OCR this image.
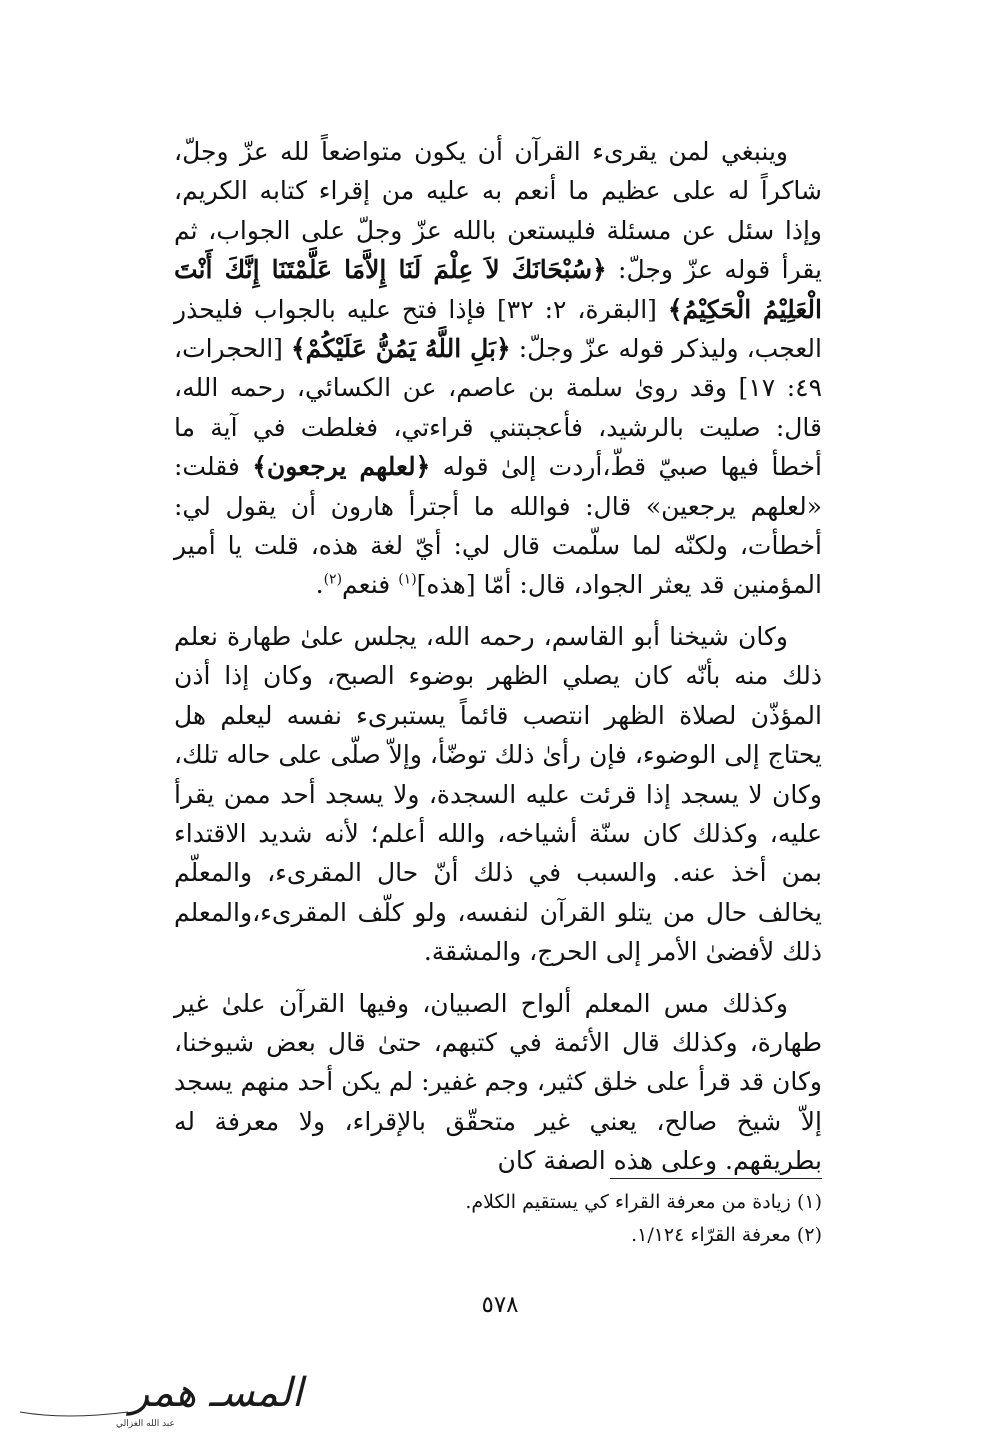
وينبغي لمن يقرىء القرآن أن يكون متواضعاً لله عزّ وجلّ، شاكراً له على عظيم ما أنعم به عليه من إقراء كتابه الكريم، وإذا سئل عن مسئلة فليستعن بالله عزّ وجلّ على الجواب، ثم يقرأ قوله عزّ وجلّ: ﴿سُبْحَانَكَ لاَ عِلْمَ لَنَا إِلاَّمَا عَلَّمْتَنَا إِنَّكَ أَنْتَ الْعَلِيْمُ الْحَكِيْمُ﴾ [البقرة، ٢: ٣٢] فإذا فتح عليه بالجواب فليحذر العجب، وليذكر قوله عزّ وجلّ: ﴿بَلِ اللَّهُ يَمُنُّ عَلَيْكُمْ﴾ [الحجرات، ٤٩: ١٧] وقد روىٰ سلمة بن عاصم، عن الكسائي، رحمه الله، قال: صليت بالرشيد، فأعجبتني قراءتي، فغلطت في آية ما أخطأ فيها صبيّ قطّ،أردت إلىٰ قوله ﴿لعلهم يرجعون﴾ فقلت: «لعلهم يرجعين» قال: فوالله ما أجترأ هارون أن يقول لي: أخطأت، ولكنّه لما سلّمت قال لي: أيّ لغة هذه، قلت يا أمير المؤمنين قد يعثر الجواد، قال: أمّا [هذه]$^{(١)}$ فنعم$^{(٢)}$.

وكان شيخنا أبو القاسم، رحمه الله، يجلس علىٰ طهارة نعلم ذلك منه بأنّه كان يصلي الظهر بوضوء الصبح، وكان إذا أذن المؤذّن لصلاة الظهر انتصب قائماً يستبرىء نفسه ليعلم هل يحتاج إلى الوضوء، فإن رأىٰ ذلك توضّأ، وإلاّ صلّى على حاله تلك، وكان لا يسجد إذا قرئت عليه السجدة، ولا يسجد أحد ممن يقرأ عليه، وكذلك كان سنّة أشياخه، والله أعلم؛ لأنه شديد الاقتداء بمن أخذ عنه. والسبب في ذلك أنّ حال المقرىء، والمعلّم يخالف حال من يتلو القرآن لنفسه، ولو كلّف المقرىء،والمعلم ذلك لأفضىٰ الأمر إلى الحرج، والمشقة.

وكذلك مس المعلم ألواح الصبيان، وفيها القرآن علىٰ غير طهارة، وكذلك قال الأئمة في كتبهم، حتىٰ قال بعض شيوخنا، وكان قد قرأ على خلق كثير، وجم غفير: لم يكن أحد منهم يسجد إلاّ شيخ صالح، يعني غير متحقّق بالإقراء، ولا معرفة له بطريقهم. وعلى هذه الصفة كان

(١) زيادة من معرفة القراء كي يستقيم الكلام.
(٢) معرفة القرّاء ١/١٢٤.
٥٧٨
المسـ همر
عبد الله الغزالي
